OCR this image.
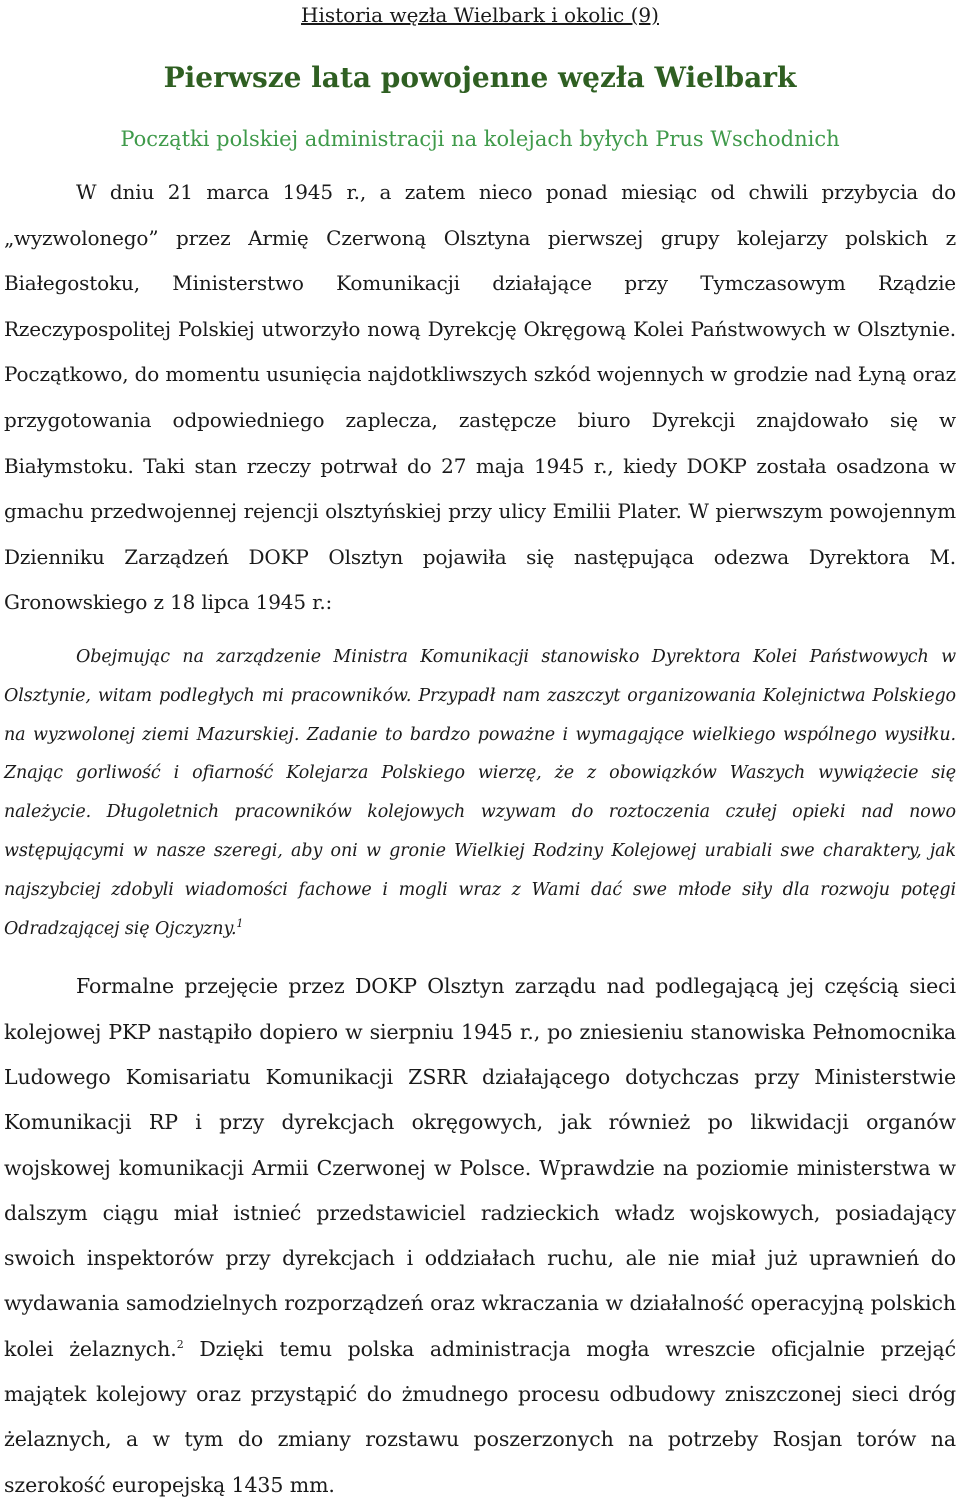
Historia węzła Wielbark i okolic (9)
Pierwsze lata powojenne węzła Wielbark
Początki polskiej administracji na kolejach byłych Prus Wschodnich

W dniu 21 marca 1945 r., a zatem nieco ponad miesiąc od chwili przybycia do „wyzwolonego” przez Armię Czerwoną Olsztyna pierwszej grupy kolejarzy polskich z Białegostoku, Ministerstwo Komunikacji działające przy Tymczasowym Rządzie Rzeczypospolitej Polskiej utworzyło nową Dyrekcję Okręgową Kolei Państwowych w Olsztynie. Początkowo, do momentu usunięcia najdotkliwszych szkód wojennych w grodzie nad Łyną oraz przygotowania odpowiedniego zaplecza, zastępcze biuro Dyrekcji znajdowało się w Białymstoku. Taki stan rzeczy potrwał do 27 maja 1945 r., kiedy DOKP została osadzona w gmachu przedwojennej rejencji olsztyńskiej przy ulicy Emilii Plater. W pierwszym powojennym Dzienniku Zarządzeń DOKP Olsztyn pojawiła się następująca odezwa Dyrektora M. Gronowskiego z 18 lipca 1945 r.:

Obejmując na zarządzenie Ministra Komunikacji stanowisko Dyrektora Kolei Państwowych w Olsztynie, witam podległych mi pracowników. Przypadł nam zaszczyt organizowania Kolejnictwa Polskiego na wyzwolonej ziemi Mazurskiej. Zadanie to bardzo poważne i wymagające wielkiego wspólnego wysiłku. Znając gorliwość i ofiarność Kolejarza Polskiego wierzę, że z obowiązków Waszych wywiążecie się należycie. Długoletnich pracowników kolejowych wzywam do roztoczenia czułej opieki nad nowo wstępującymi w nasze szeregi, aby oni w gronie Wielkiej Rodziny Kolejowej urabiali swe charaktery, jak najszybciej zdobyli wiadomości fachowe i mogli wraz z Wami dać swe młode siły dla rozwoju potęgi Odradzającej się Ojczyzny.$^1$

Formalne przejęcie przez DOKP Olsztyn zarządu nad podlegającą jej częścią sieci kolejowej PKP nastąpiło dopiero w sierpniu 1945 r., po zniesieniu stanowiska Pełnomocnika Ludowego Komisariatu Komunikacji ZSRR działającego dotychczas przy Ministerstwie Komunikacji RP i przy dyrekcjach okręgowych, jak również po likwidacji organów wojskowej komunikacji Armii Czerwonej w Polsce. Wprawdzie na poziomie ministerstwa w dalszym ciągu miał istnieć przedstawiciel radzieckich władz wojskowych, posiadający swoich inspektorów przy dyrekcjach i oddziałach ruchu, ale nie miał już uprawnień do wydawania samodzielnych rozporządzeń oraz wkraczania w działalność operacyjną polskich kolei żelaznych.$^2$ Dzięki temu polska administracja mogła wreszcie oficjalnie przejąć majątek kolejowy oraz przystąpić do żmudnego procesu odbudowy zniszczonej sieci dróg żelaznych, a w tym do zmiany rozstawu poszerzonych na potrzeby Rosjan torów na szerokość europejską 1435 mm.
